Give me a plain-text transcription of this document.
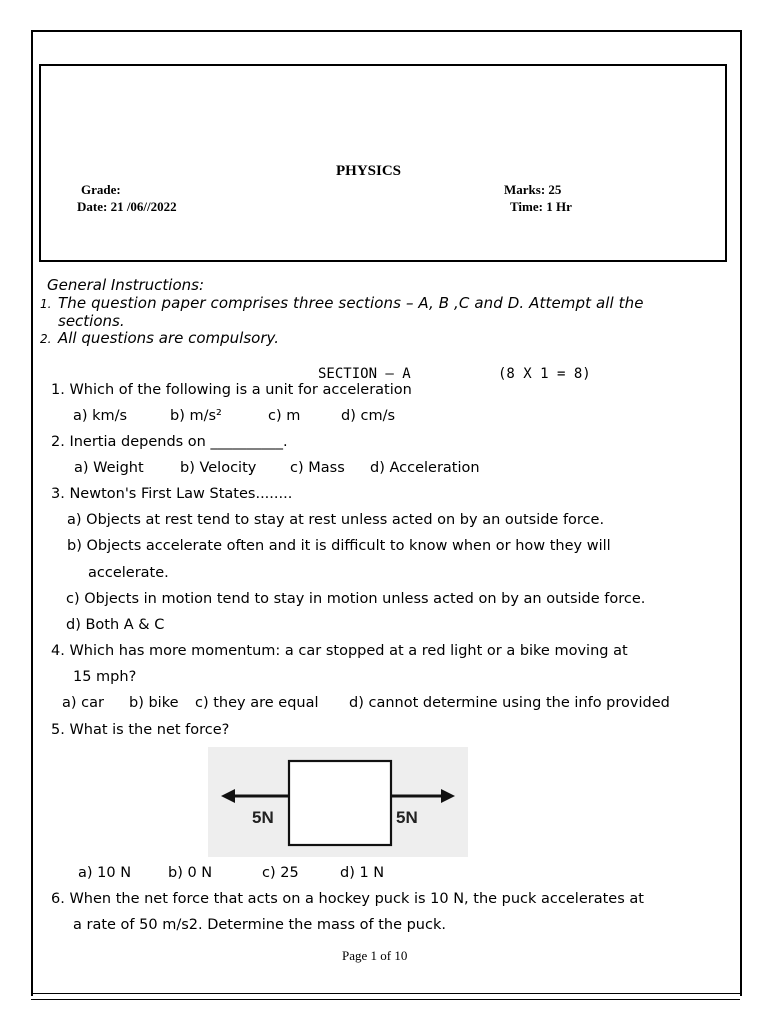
PHYSICS
Grade:
Date: 21 /06//2022
Marks: 25
Time: 1 Hr
General Instructions:
1. The question paper comprises three sections – A, B ,C and D. Attempt all the
sections.
2. All questions are compulsory.
SECTION – A	(8 X 1 = 8)
1. Which of the following is a unit for acceleration
a) km/s	b) m/s²	c) m	d) cm/s
2. Inertia depends on __________.
a) Weight	b) Velocity c) Mass d) Acceleration
3. Newton's First Law States........
a) Objects at rest tend to stay at rest unless acted on by an outside force.
b) Objects accelerate often and it is difficult to know when or how they will
accelerate.
c) Objects in motion tend to stay in motion unless acted on by an outside force.
d) Both A & C
4. Which has more momentum: a car stopped at a red light or a bike moving at
15 mph?
a) car b) bike c) they are equal d) cannot determine using the info provided
5. What is the net force?
5N	5N
a) 10 N	b) 0 N	c) 25	d) 1 N
6. When the net force that acts on a hockey puck is 10 N, the puck accelerates at
a rate of 50 m/s2. Determine the mass of the puck.
Page 1 of 10
